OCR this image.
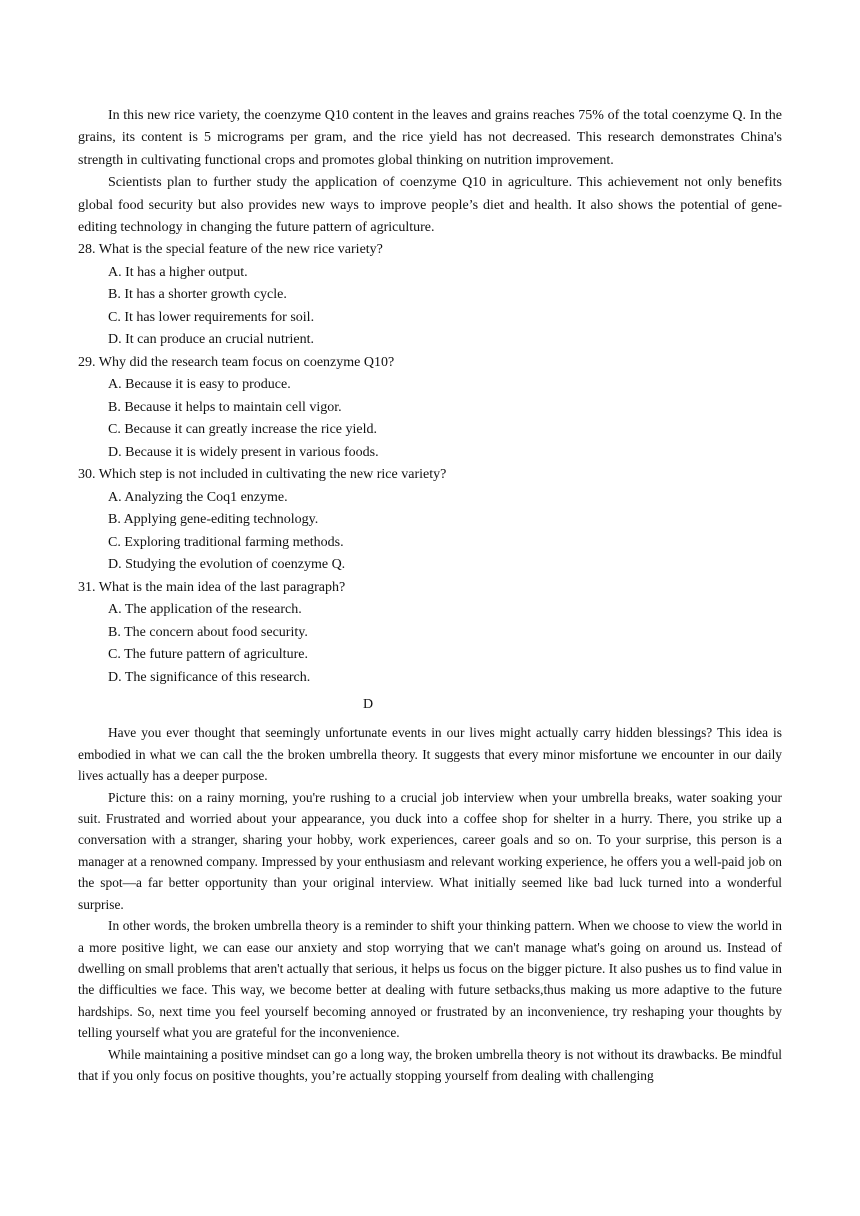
In this new rice variety, the coenzyme Q10 content in the leaves and grains reaches 75% of the total coenzyme Q. In the grains, its content is 5 micrograms per gram, and the rice yield has not decreased. This research demonstrates China's strength in cultivating functional crops and promotes global thinking on nutrition improvement.

Scientists plan to further study the application of coenzyme Q10 in agriculture. This achievement not only benefits global food security but also provides new ways to improve people’s diet and health. It also shows the potential of gene-editing technology in changing the future pattern of agriculture.

28. What is the special feature of the new rice variety?

A. It has a higher output.

B. It has a shorter growth cycle.

C. It has lower requirements for soil.

D. It can produce an crucial nutrient.

29. Why did the research team focus on coenzyme Q10?

A. Because it is easy to produce.

B. Because it helps to maintain cell vigor.

C. Because it can greatly increase the rice yield.

D. Because it is widely present in various foods.

30. Which step is not included in cultivating the new rice variety?

A. Analyzing the Coq1 enzyme.

B. Applying gene-editing technology.

C. Exploring traditional farming methods.

D. Studying the evolution of coenzyme Q.

31. What is the main idea of the last paragraph?

A. The application of the research.

B. The concern about food security.

C. The future pattern of agriculture.

D. The significance of this research.

D

Have you ever thought that seemingly unfortunate events in our lives might actually carry hidden blessings? This idea is embodied in what we can call the the broken umbrella theory. It suggests that every minor misfortune we encounter in our daily lives actually has a deeper purpose.

Picture this: on a rainy morning, you're rushing to a crucial job interview when your umbrella breaks, water soaking your suit. Frustrated and worried about your appearance, you duck into a coffee shop for shelter in a hurry. There, you strike up a conversation with a stranger, sharing your hobby, work experiences, career goals and so on. To your surprise, this person is a manager at a renowned company. Impressed by your enthusiasm and relevant working experience, he offers you a well-paid job on the spot—a far better opportunity than your original interview. What initially seemed like bad luck turned into a wonderful surprise.

In other words, the broken umbrella theory is a reminder to shift your thinking pattern. When we choose to view the world in a more positive light, we can ease our anxiety and stop worrying that we can't manage what's going on around us. Instead of dwelling on small problems that aren't actually that serious, it helps us focus on the bigger picture. It also pushes us to find value in the difficulties we face. This way, we become better at dealing with future setbacks,thus making us more adaptive to the future hardships. So, next time you feel yourself becoming annoyed or frustrated by an inconvenience, try reshaping your thoughts by telling yourself what you are grateful for the inconvenience.

While maintaining a positive mindset can go a long way, the broken umbrella theory is not without its drawbacks. Be mindful that if you only focus on positive thoughts, you’re actually stopping yourself from dealing with challenging
